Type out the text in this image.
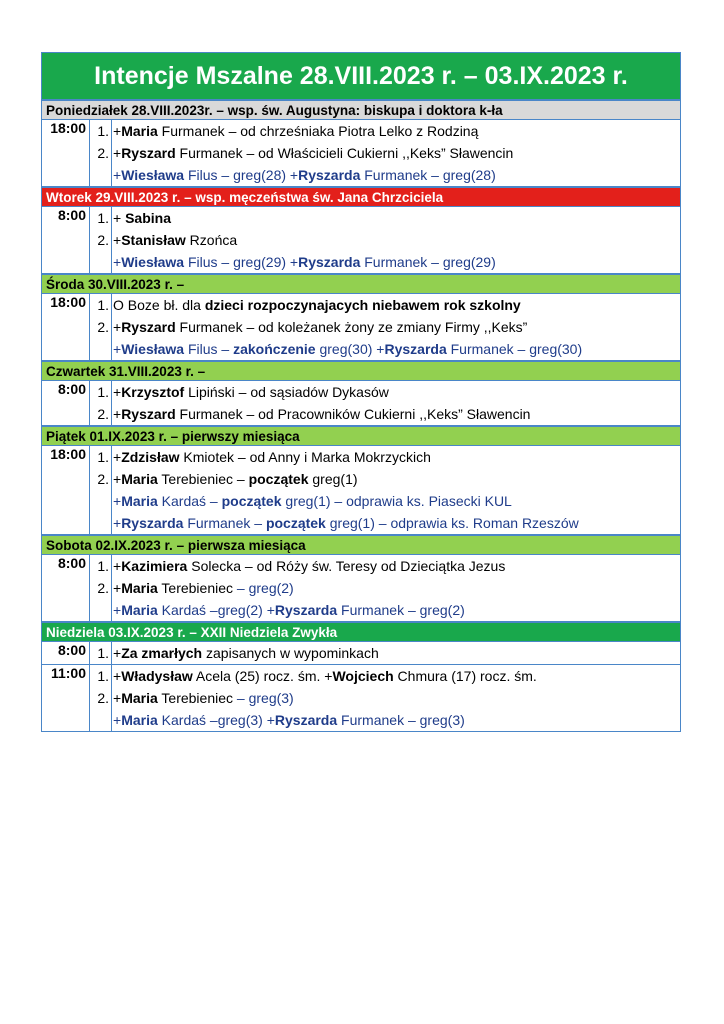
Intencje Mszalne 28.VIII.2023 r. – 03.IX.2023 r.
Poniedziałek 28.VIII.2023r. – wsp. św. Augustyna: biskupa i doktora k-ła
18:00 1.
2.
+Maria Furmanek – od chrześniaka Piotra Lelko z Rodziną
+Ryszard Furmanek – od Właścicieli Cukierni ,,Keks” Sławencin
+Wiesława Filus – greg(28) +Ryszarda Furmanek – greg(28)
Wtorek 29.VIII.2023 r. – wsp. męczeństwa św. Jana Chrzciciela
8:00 1.
2.
+ Sabina
+Stanisław Rzońca
+Wiesława Filus – greg(29) +Ryszarda Furmanek – greg(29)
Środa 30.VIII.2023 r. –
18:00 1.
2.
O Boze bł. dla dzieci rozpoczynajacych niebawem rok szkolny
+Ryszard Furmanek – od koleżanek żony ze zmiany Firmy ,,Keks”
+Wiesława Filus – zakończenie greg(30) +Ryszarda Furmanek – greg(30)
Czwartek 31.VIII.2023 r. –
8:00 1.
2.
+Krzysztof Lipiński – od sąsiadów Dykasów
+Ryszard Furmanek – od Pracowników Cukierni ,,Keks” Sławencin
Piątek 01.IX.2023 r. – pierwszy miesiąca
18:00 1.
2.
+Zdzisław Kmiotek – od Anny i Marka Mokrzyckich
+Maria Terebieniec – początek greg(1)
+Maria Kardaś – początek greg(1) – odprawia ks. Piasecki KUL
+Ryszarda Furmanek – początek greg(1) – odprawia ks. Roman Rzeszów
Sobota 02.IX.2023 r. – pierwsza miesiąca
8:00 1.
2.
+Kazimiera Solecka – od Róży św. Teresy od Dzieciątka Jezus
+Maria Terebieniec – greg(2)
+Maria Kardaś –greg(2) +Ryszarda Furmanek – greg(2)
Niedziela 03.IX.2023 r. – XXII Niedziela Zwykła
8:00 1. +Za zmarłych zapisanych w wypominkach
11:00 1.
2.
+Władysław Acela (25) rocz. śm. +Wojciech Chmura (17) rocz. śm.
+Maria Terebieniec – greg(3)
+Maria Kardaś –greg(3) +Ryszarda Furmanek – greg(3)
